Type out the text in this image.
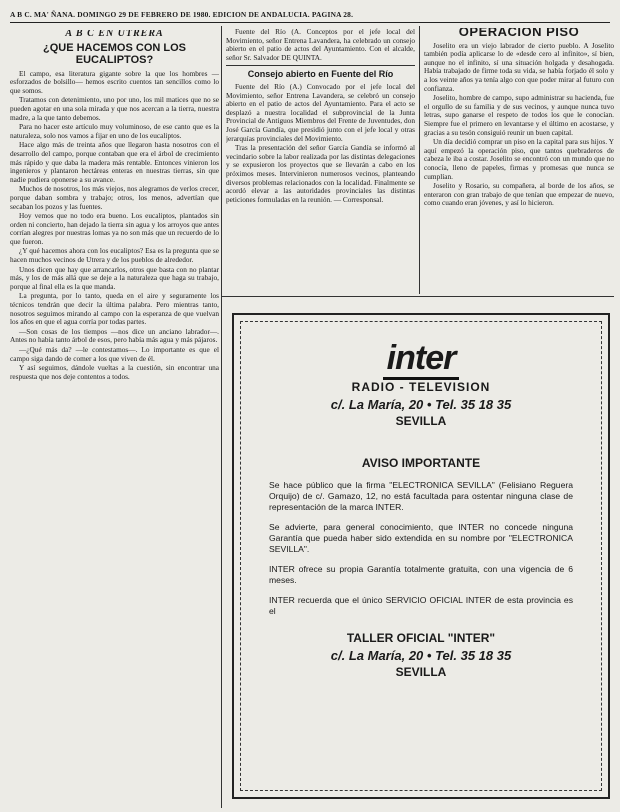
A B C. MA' ÑANA. DOMINGO 29 DE FEBRERO DE 1980. EDICION DE ANDALUCIA. PAGINA 28.
A B C EN UTRERA
¿QUE HACEMOS CON LOS EUCALIPTOS?

El campo, esa literatura gigante sobre la que los hombres —esforzados de bolsillo— hemos escrito cuentos tan sencillos como lo que somos.

Tratamos con detenimiento, uno por uno, los mil matices que no se pueden agotar en una sola mirada y que nos acercan a la tierra, nuestra madre, a la que tanto debemos.

Para no hacer este artículo muy voluminoso, de ese canto que es la naturaleza, solo nos vamos a fijar en uno de los eucaliptos.

Hace algo más de treinta años que llegaron hasta nosotros con el desarrollo del campo, porque contaban que era el árbol de crecimiento más rápido y que daba la madera más rentable. Entonces vinieron los ingenieros y plantaron hectáreas enteras en nuestras tierras, sin que nadie pudiera oponerse a su avance.

Muchos de nosotros, los más viejos, nos alegramos de verlos crecer, porque daban sombra y trabajo; otros, los menos, advertían que secaban los pozos y las fuentes.

Hoy vemos que no todo era bueno. Los eucaliptos, plantados sin orden ni concierto, han dejado la tierra sin agua y los arroyos que antes corrían alegres por nuestras lomas ya no son más que un recuerdo de lo que fueron.

¿Y qué hacemos ahora con los eucaliptos? Esa es la pregunta que se hacen muchos vecinos de Utrera y de los pueblos de alrededor.

Unos dicen que hay que arrancarlos, otros que basta con no plantar más, y los de más allá que se deje a la naturaleza que haga su trabajo, porque al final ella es la que manda.

La pregunta, por lo tanto, queda en el aire y seguramente los técnicos tendrán que decir la última palabra. Pero mientras tanto, nosotros seguimos mirando al campo con la esperanza de que vuelvan los años en que el agua corría por todas partes.

—Son cosas de los tiempos —nos dice un anciano labrador—. Antes no había tanto árbol de esos, pero había más agua y más pájaros.

—¿Qué más da? —le contestamos—. Lo importante es que el campo siga dando de comer a los que viven de él.

Y así seguimos, dándole vueltas a la cuestión, sin encontrar una respuesta que nos deje contentos a todos.

Fuente del Río (A. Conceptos por el jefe local del Movimiento, señor Entrena Lavandera, ha celebrado un consejo abierto en el patio de actos del Ayuntamiento. Con el alcalde, señor Sr. Salvador DE QUINTA.

Consejo abierto en Fuente del Río

Fuente del Río (A.) Convocado por el jefe local del Movimiento, señor Entrena Lavandera, se celebró un consejo abierto en el patio de actos del Ayuntamiento. Para el acto se desplazó a nuestra localidad el subprovincial de la Junta Provincial de Antiguos Miembros del Frente de Juventudes, don José García Gandía, que presidió junto con el jefe local y otras jerarquías provinciales del Movimiento.

Tras la presentación del señor García Gandía se informó al vecindario sobre la labor realizada por las distintas delegaciones y se expusieron los proyectos que se llevarán a cabo en los próximos meses. Intervinieron numerosos vecinos, planteando diversos problemas relacionados con la localidad. Finalmente se acordó elevar a las autoridades provinciales las distintas peticiones formuladas en la reunión. — Corresponsal.

OPERACION PISO

Joselito era un viejo labrador de cierto pueblo. A Joselito también podía aplicarse lo de «desde cero al infinito», sí bien, aunque no el infinito, sí una situación holgada y desahogada. Había trabajado de firme toda su vida, se había forjado él solo y a los veinte años ya tenía algo con que poder mirar al futuro con confianza.

Joselito, hombre de campo, supo administrar su hacienda, fue el orgullo de su familia y de sus vecinos, y aunque nunca tuvo letras, supo ganarse el respeto de todos los que le conocían. Siempre fue el primero en levantarse y el último en acostarse, y gracias a su tesón consiguió reunir un buen capital.

Un día decidió comprar un piso en la capital para sus hijos. Y aquí empezó la operación piso, que tantos quebraderos de cabeza le iba a costar. Joselito se encontró con un mundo que no conocía, lleno de papeles, firmas y promesas que nunca se cumplían.

Joselito y Rosario, su compañera, al borde de los años, se enteraron con gran trabajo de que tenían que empezar de nuevo, como cuando eran jóvenes, y así lo hicieron.

inter
RADIO - TELEVISION
c/. La María, 20 • Tel. 35 18 35
SEVILLA
AVISO IMPORTANTE
Se hace público que la firma "ELECTRONICA SEVILLA" (Felisiano Reguera Orquijo) de c/. Gamazo, 12, no está facultada para ostentar ninguna clase de representación de la marca INTER.
Se advierte, para general conocimiento, que INTER no concede ninguna Garantía que pueda haber sido extendida en su nombre por "ELECTRONICA SEVILLA".
INTER ofrece su propia Garantía totalmente gratuita, con una vigencia de 6 meses.
INTER recuerda que el único SERVICIO OFICIAL INTER de esta provincia es el
TALLER OFICIAL "INTER"
c/. La María, 20 • Tel. 35 18 35
SEVILLA
